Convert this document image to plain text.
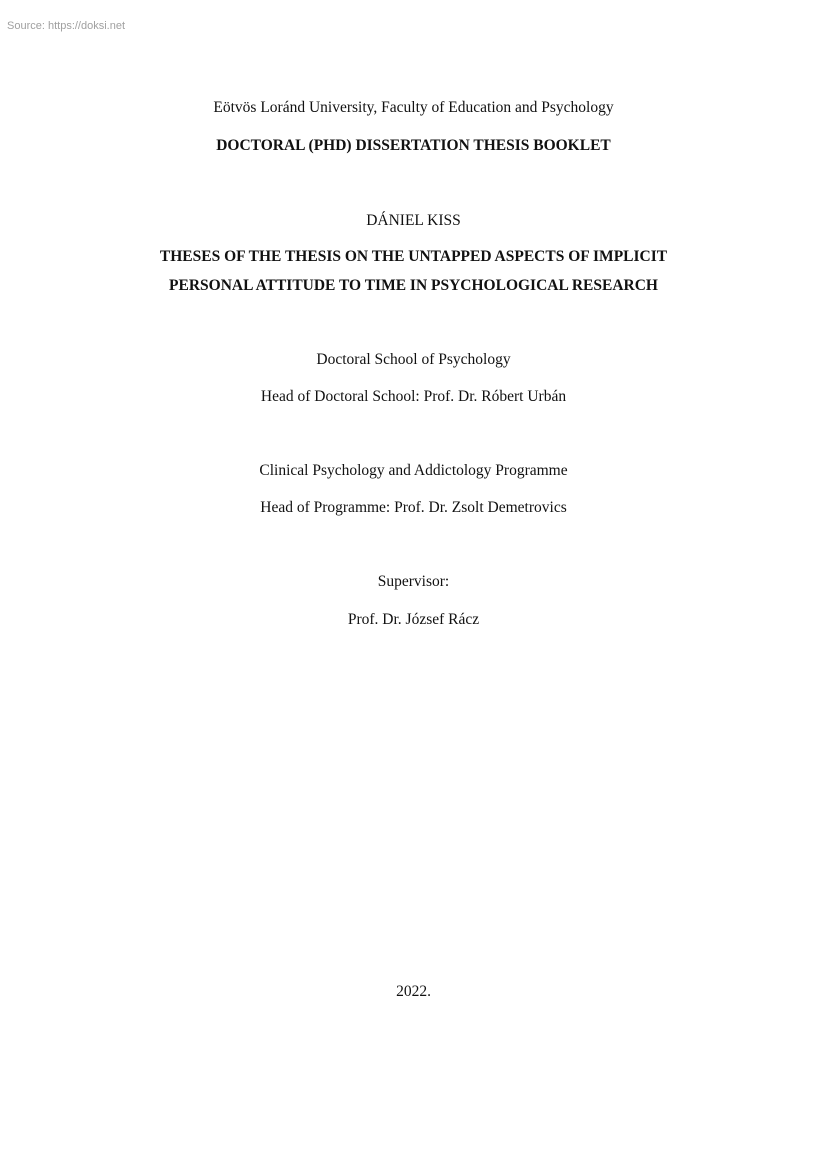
Source: https://doksi.net
Eötvös Loránd University, Faculty of Education and Psychology
DOCTORAL (PHD) DISSERTATION THESIS BOOKLET
DÁNIEL KISS
THESES OF THE THESIS ON THE UNTAPPED ASPECTS OF IMPLICIT
PERSONAL ATTITUDE TO TIME IN PSYCHOLOGICAL RESEARCH
Doctoral School of Psychology
Head of Doctoral School: Prof. Dr. Róbert Urbán
Clinical Psychology and Addictology Programme
Head of Programme: Prof. Dr. Zsolt Demetrovics
Supervisor:
Prof. Dr. József Rácz
2022.
